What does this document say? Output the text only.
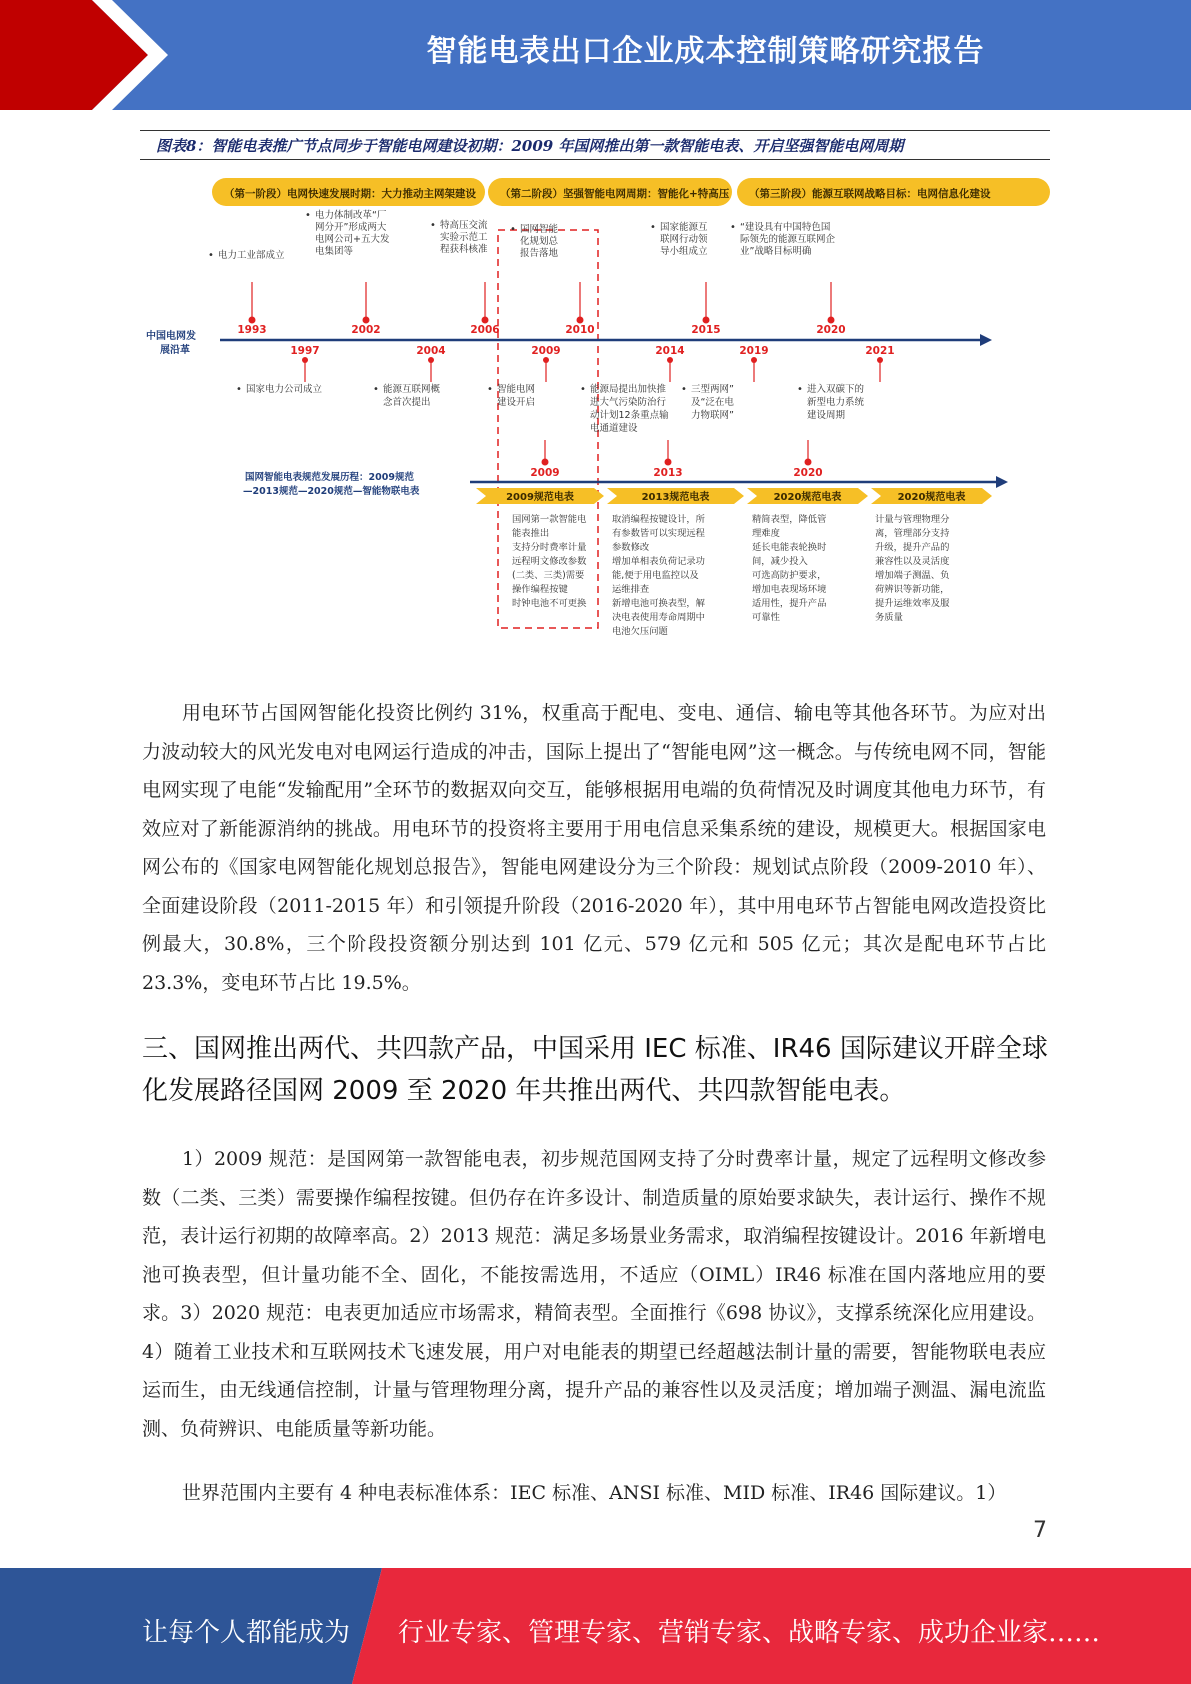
智能电表出口企业成本控制策略研究报告
图表8：智能电表推广节点同步于智能电网建设初期：2009 年国网推出第一款智能电表、开启坚强智能电网周期
（第一阶段）电网快速发展时期：大力推动主网架建设 （第二阶段）坚强智能电网周期：智能化+特高压 （第三阶段）能源互联网战略目标：电网信息化建设
中国电网发
展沿革
1993
• 电力工业部成立
2002
• 电力体制改革“厂
网分开”形成两大
电网公司+五大发
电集团等
2006
• 特高压交流
实验示范工
程获科核准
2010
• 国网智能
化规划总
报告落地
2015
• 国家能源互
联网行动领
导小组成立
2020
• “建设具有中国特色国
际领先的能源互联网企
业”战略目标明确
1997
• 国家电力公司成立
2004
• 能源互联网概
念首次提出
2009
• 智能电网
建设开启
2014
• 能源局提出加快推
进大气污染防治行
动计划12条重点输
电通道建设
2019
• 三型两网”
及“泛在电
力物联网”
2021
• 进入双碳下的
新型电力系统
建设周期
国网智能电表规范发展历程：2009规范
—2013规范—2020规范—智能物联电表
2009	2013	2020
2009规范电表
国网第一款智能电
能表推出
支持分时费率计量
远程明文修改参数
(二类、三类)需要
操作编程按键
时钟电池不可更换
2013规范电表
取消编程按键设计，所
有参数皆可以实现远程
参数修改
增加单相表负荷记录功
能,便于用电监控以及
运维排查
新增电池可换表型，解
决电表使用寿命周期中
电池欠压问题
2020规范电表
精简表型，降低管
理难度
延长电能表轮换时
间，减少投入
可选高防护要求，
增加电表现场环境
适用性，提升产品
可靠性
2020规范电表
计量与管理物理分
离，管理部分支持
升级，提升产品的
兼容性以及灵活度
增加端子测温、负
荷辨识等新功能，
提升运维效率及服
务质量
用电环节占国网智能化投资比例约 31%，权重高于配电、变电、通信、输电等其他各环节。为应对出力波动较大的风光发电对电网运行造成的冲击，国际上提出了“智能电网”这一概念。与传统电网不同，智能电网实现了电能“发输配用”全环节的数据双向交互，能够根据用电端的负荷情况及时调度其他电力环节，有效应对了新能源消纳的挑战。用电环节的投资将主要用于用电信息采集系统的建设，规模更大。根据国家电网公布的《国家电网智能化规划总报告》，智能电网建设分为三个阶段：规划试点阶段（2009-2010 年）、全面建设阶段（2011-2015 年）和引领提升阶段（2016-2020 年），其中用电环节占智能电网改造投资比例最大，30.8%，三个阶段投资额分别达到 101 亿元、579 亿元和 505 亿元；其次是配电环节占比 23.3%，变电环节占比 19.5%。
三、国网推出两代、共四款产品，中国采用 IEC 标准、IR46 国际建议开辟全球化发展路径国网 2009 至 2020 年共推出两代、共四款智能电表。
1）2009 规范：是国网第一款智能电表，初步规范国网支持了分时费率计量，规定了远程明文修改参数（二类、三类）需要操作编程按键。但仍存在许多设计、制造质量的原始要求缺失，表计运行、操作不规范，表计运行初期的故障率高。2）2013 规范：满足多场景业务需求，取消编程按键设计。2016 年新增电池可换表型，但计量功能不全、固化，不能按需选用，不适应（OIML）IR46 标准在国内落地应用的要求。3）2020 规范：电表更加适应市场需求，精简表型。全面推行《698 协议》，支撑系统深化应用建设。4）随着工业技术和互联网技术飞速发展，用户对电能表的期望已经超越法制计量的需要，智能物联电表应运而生，由无线通信控制，计量与管理物理分离，提升产品的兼容性以及灵活度；增加端子测温、漏电流监测、负荷辨识、电能质量等新功能。
世界范围内主要有 4 种电表标准体系：IEC 标准、ANSI 标准、MID 标准、IR46 国际建议。1）
7
让每个人都能成为 行业专家、管理专家、营销专家、战略专家、成功企业家……
